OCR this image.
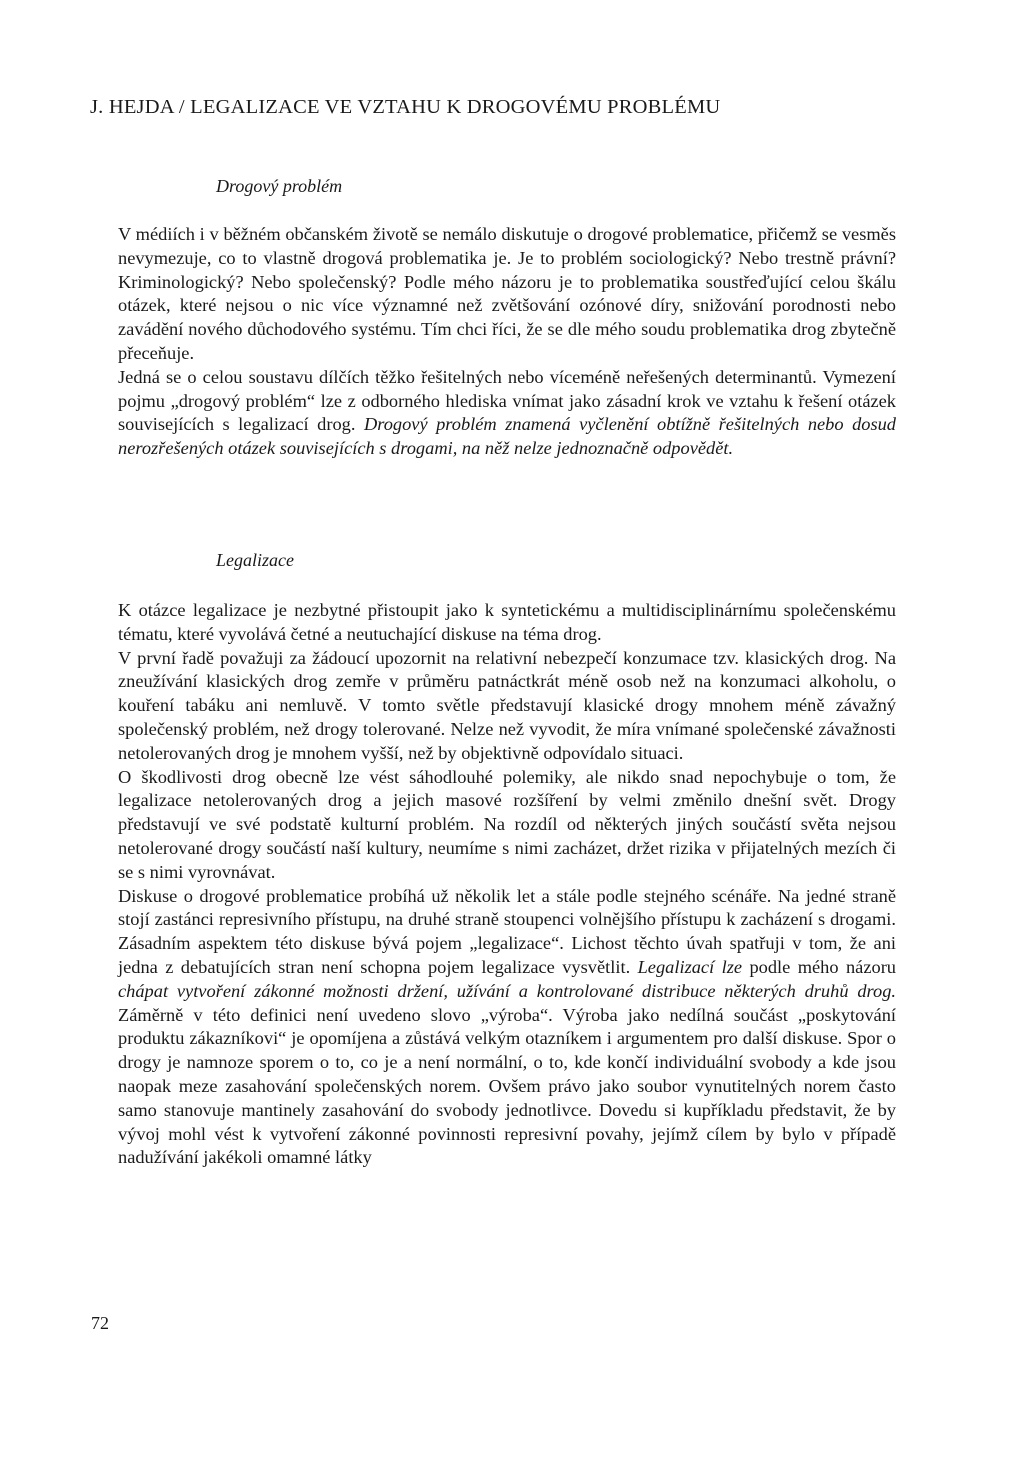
J. HEJDA / LEGALIZACE VE VZTAHU K DROGOVÉMU PROBLÉMU
Drogový problém

V médiích i v běžném občanském životě se nemálo diskutuje o drogové problematice, přičemž se vesměs nevymezuje, co to vlastně drogová problematika je. Je to problém sociologický? Nebo trestně právní? Kriminologický? Nebo společenský? Podle mého názoru je to problematika soustřeďující celou škálu otázek, které nejsou o nic více významné než zvětšování ozónové díry, snižování porodnosti nebo zavádění nového důchodového systému. Tím chci říci, že se dle mého soudu problematika drog zbytečně přeceňuje.

Jedná se o celou soustavu dílčích těžko řešitelných nebo víceméně neřešených determinantů. Vymezení pojmu „drogový problém“ lze z odborného hlediska vnímat jako zásadní krok ve vztahu k řešení otázek souvisejících s legalizací drog. Drogový problém znamená vyčlenění obtížně řešitelných nebo dosud nerozřešených otázek souvisejících s drogami, na něž nelze jednoznačně odpovědět.

Legalizace

K otázce legalizace je nezbytné přistoupit jako k syntetickému a multidisciplinárnímu společenskému tématu, které vyvolává četné a neutuchající diskuse na téma drog.

V první řadě považuji za žádoucí upozornit na relativní nebezpečí konzumace tzv. klasických drog. Na zneužívání klasických drog zemře v průměru patnáctkrát méně osob než na konzumaci alkoholu, o kouření tabáku ani nemluvě. V tomto světle představují klasické drogy mnohem méně závažný společenský problém, než drogy tolerované. Nelze než vyvodit, že míra vnímané společenské závažnosti netolerovaných drog je mnohem vyšší, než by objektivně odpovídalo situaci.

O škodlivosti drog obecně lze vést sáhodlouhé polemiky, ale nikdo snad nepochybuje o tom, že legalizace netolerovaných drog a jejich masové rozšíření by velmi změnilo dnešní svět. Drogy představují ve své podstatě kulturní problém. Na rozdíl od některých jiných součástí světa nejsou netolerované drogy součástí naší kultury, neumíme s nimi zacházet, držet rizika v přijatelných mezích či se s nimi vyrovnávat.

Diskuse o drogové problematice probíhá už několik let a stále podle stejného scénáře. Na jedné straně stojí zastánci represivního přístupu, na druhé straně stoupenci volnějšího přístupu k zacházení s drogami. Zásadním aspektem této diskuse bývá pojem „legalizace“. Lichost těchto úvah spatřuji v tom, že ani jedna z debatujících stran není schopna pojem legalizace vysvětlit. Legalizací lze podle mého názoru chápat vytvoření zákonné možnosti držení, užívání a kontrolované distribuce některých druhů drog. Záměrně v této definici není uvedeno slovo „výroba“. Výroba jako nedílná součást „poskytování produktu zákazníkovi“ je opomíjena a zůstává velkým otazníkem i argumentem pro další diskuse. Spor o drogy je namnoze sporem o to, co je a není normální, o to, kde končí individuální svobody a kde jsou naopak meze zasahování společenských norem. Ovšem právo jako soubor vynutitelných norem často samo stanovuje mantinely zasahování do svobody jednotlivce. Dovedu si kupříkladu představit, že by vývoj mohl vést k vytvoření zákonné povinnosti represivní povahy, jejímž cílem by bylo v případě nadužívání jakékoli omamné látky

72
